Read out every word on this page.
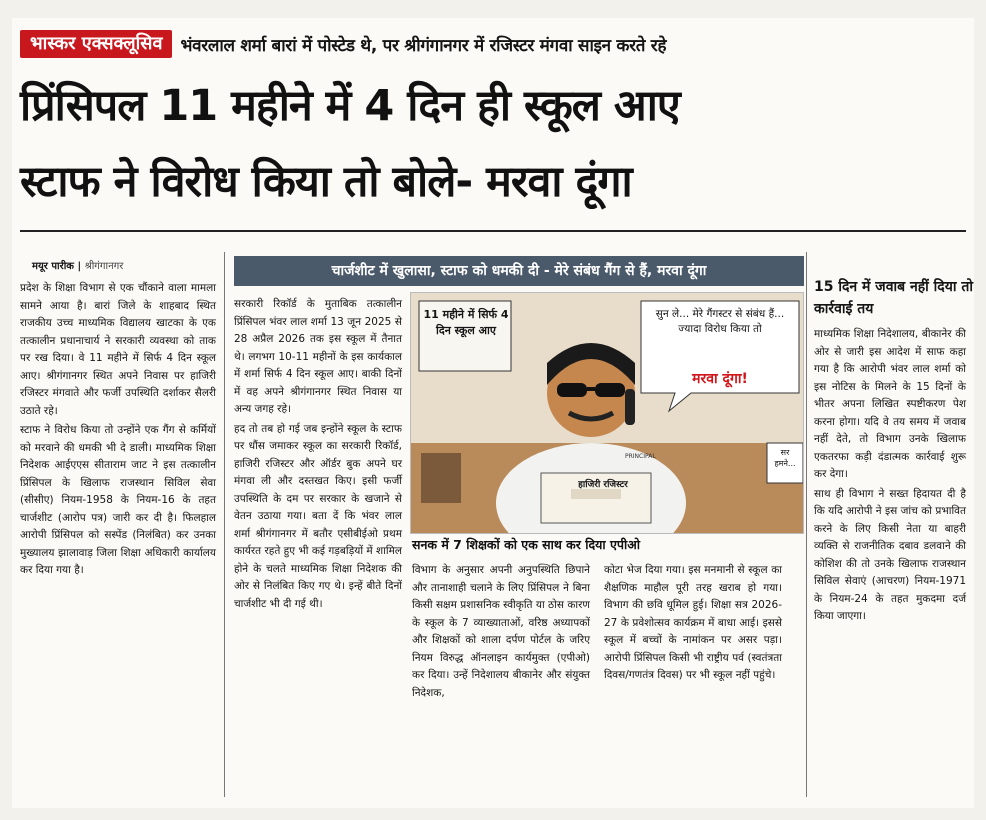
भास्कर एक्सक्लूसिव	भंवरलाल शर्मा बारां में पोस्टेड थे, पर श्रीगंगानगर में रजिस्टर मंगवा साइन करते रहे
प्रिंसिपल 11 महीने में 4 दिन ही स्कूल आए
स्टाफ ने विरोध किया तो बोले- मरवा दूंगा
मयूर पारीक | श्रीगंगानगर

प्रदेश के शिक्षा विभाग से एक चौंकाने वाला मामला सामने आया है। बारां जिले के शाहबाद स्थित राजकीय उच्च माध्यमिक विद्यालय खाटका के एक तत्कालीन प्रधानाचार्य ने सरकारी व्यवस्था को ताक पर रख दिया। वे 11 महीने में सिर्फ 4 दिन स्कूल आए। श्रीगंगानगर स्थित अपने निवास पर हाजिरी रजिस्टर मंगवाते और फर्जी उपस्थिति दर्शाकर सैलरी उठाते रहे।

स्टाफ ने विरोध किया तो उन्होंने एक गैंग से कर्मियों को मरवाने की धमकी भी दे डाली। माध्यमिक शिक्षा निदेशक आईएएस सीताराम जाट ने इस तत्कालीन प्रिंसिपल के खिलाफ राजस्थान सिविल सेवा (सीसीए) नियम-1958 के नियम-16 के तहत चार्जशीट (आरोप पत्र) जारी कर दी है। फिलहाल आरोपी प्रिंसिपल को सस्पेंड (निलंबित) कर उनका मुख्यालय झालावाड़ जिला शिक्षा अधिकारी कार्यालय कर दिया गया है।

चार्जशीट में खुलासा, स्टाफ को धमकी दी - मेरे संबंध गैंग से हैं, मरवा दूंगा

सरकारी रिकॉर्ड के मुताबिक तत्कालीन प्रिंसिपल भंवर लाल शर्मा 13 जून 2025 से 28 अप्रैल 2026 तक इस स्कूल में तैनात थे। लगभग 10-11 महीनों के इस कार्यकाल में शर्मा सिर्फ 4 दिन स्कूल आए। बाकी दिनों में वह अपने श्रीगंगानगर स्थित निवास या अन्य जगह रहे।

हद तो तब हो गई जब इन्होंने स्कूल के स्टाफ पर धौंस जमाकर स्कूल का सरकारी रिकॉर्ड, हाजिरी रजिस्टर और ऑर्डर बुक अपने घर मंगवा ली और दस्तखत किए। इसी फर्जी उपस्थिति के दम पर सरकार के खजाने से वेतन उठाया गया। बता दें कि भंवर लाल शर्मा श्रीगंगानगर में बतौर एसीबीईओ प्रथम कार्यरत रहते हुए भी कई गड़बड़ियों में शामिल होने के चलते माध्यमिक शिक्षा निदेशक की ओर से निलंबित किए गए थे। इन्हें बीते दिनों चार्जशीट भी दी गई थी।

11 महीने में सिर्फ 4 दिन स्कूल आए
सुन ले... मेरे गैंगस्टर से संबंध हैं... ज्यादा विरोध किया तो
मरवा दूंगा!
सर हमने...
हाजिरी रजिस्टर
PRINCIPAL
सनक में 7 शिक्षकों को एक साथ कर दिया एपीओ

विभाग के अनुसार अपनी अनुपस्थिति छिपाने और तानाशाही चलाने के लिए प्रिंसिपल ने बिना किसी सक्षम प्रशासनिक स्वीकृति या ठोस कारण के स्कूल के 7 व्याख्याताओं, वरिष्ठ अध्यापकों और शिक्षकों को शाला दर्पण पोर्टल के जरिए नियम विरुद्ध ऑनलाइन कार्यमुक्त (एपीओ) कर दिया। उन्हें निदेशालय बीकानेर और संयुक्त निदेशक,

कोटा भेज दिया गया। इस मनमानी से स्कूल का शैक्षणिक माहौल पूरी तरह खराब हो गया। विभाग की छवि धूमिल हुई। शिक्षा सत्र 2026-27 के प्रवेशोत्सव कार्यक्रम में बाधा आई। इससे स्कूल में बच्चों के नामांकन पर असर पड़ा। आरोपी प्रिंसिपल किसी भी राष्ट्रीय पर्व (स्वतंत्रता दिवस/गणतंत्र दिवस) पर भी स्कूल नहीं पहुंचे।

15 दिन में जवाब नहीं दिया तो कार्रवाई तय

माध्यमिक शिक्षा निदेशालय, बीकानेर की ओर से जारी इस आदेश में साफ कहा गया है कि आरोपी भंवर लाल शर्मा को इस नोटिस के मिलने के 15 दिनों के भीतर अपना लिखित स्पष्टीकरण पेश करना होगा। यदि वे तय समय में जवाब नहीं देते, तो विभाग उनके खिलाफ एकतरफा कड़ी दंडात्मक कार्रवाई शुरू कर देगा।

साथ ही विभाग ने सख्त हिदायत दी है कि यदि आरोपी ने इस जांच को प्रभावित करने के लिए किसी नेता या बाहरी व्यक्ति से राजनीतिक दबाव डलवाने की कोशिश की तो उनके खिलाफ राजस्थान सिविल सेवाएं (आचरण) नियम-1971 के नियम-24 के तहत मुकदमा दर्ज किया जाएगा।
